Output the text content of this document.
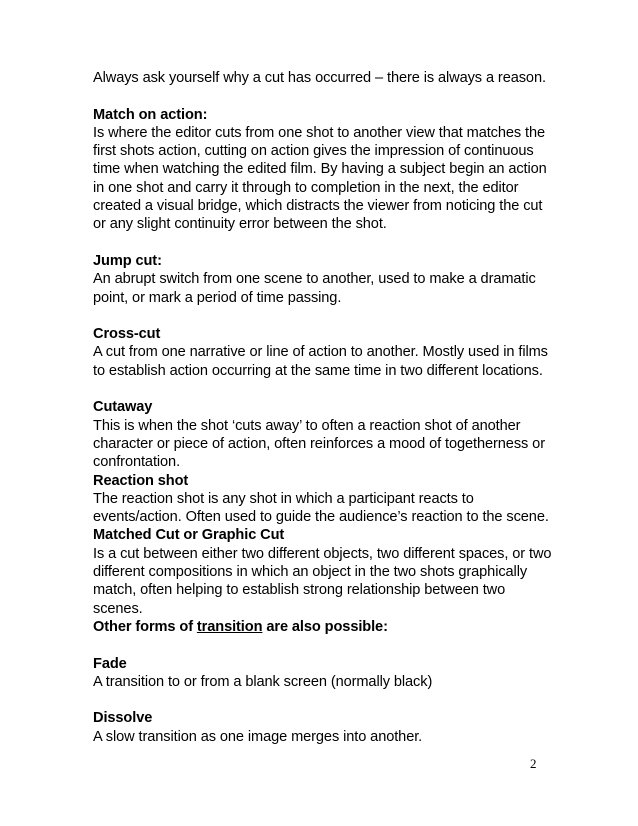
Always ask yourself why a cut has occurred – there is always a reason.

Match on action:

Is where the editor cuts from one shot to another view that matches the first shots action, cutting on action gives the impression of continuous time when watching the edited film. By having a subject begin an action in one shot and carry it through to completion in the next, the editor created a visual bridge, which distracts the viewer from noticing the cut or any slight continuity error between the shot.

Jump cut:

An abrupt switch from one scene to another, used to make a dramatic point, or mark a period of time passing.

Cross-cut

A cut from one narrative or line of action to another. Mostly used in films to establish action occurring at the same time in two different locations.

Cutaway

This is when the shot ‘cuts away’ to often a reaction shot of another character or piece of action, often reinforces a mood of togetherness or confrontation.

Reaction shot

The reaction shot is any shot in which a participant reacts to events/action. Often used to guide the audience’s reaction to the scene.

Matched Cut or Graphic Cut

Is a cut between either two different objects, two different spaces, or two different compositions in which an object in the two shots graphically match, often helping to establish strong relationship between two scenes.

Other forms of transition are also possible:

Fade

A transition to or from a blank screen (normally black)

Dissolve

A slow transition as one image merges into another.

2
